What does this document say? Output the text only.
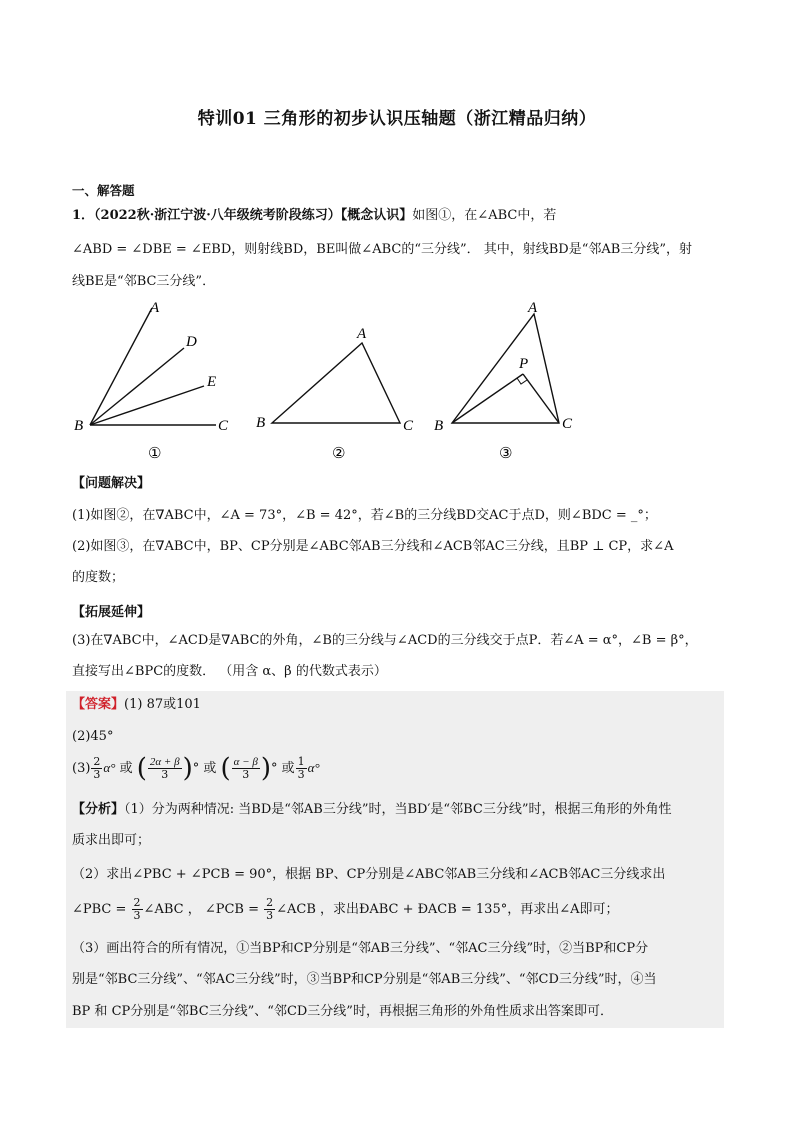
特训01 三角形的初步认识压轴题（浙江精品归纳）
一、解答题
1．（2022秋·浙江宁波·八年级统考阶段练习）【概念认识】如图①，在∠ABC中，若
∠ABD = ∠DBE = ∠EBD，则射线BD，BE叫做∠ABC的“三分线”． 其中，射线BD是“邻AB三分线”，射
线BE是“邻BC三分线”．
A
D
E
B	C
①
A
B	C
②
A
P
B	C
③
【问题解决】
(1)如图②，在∇ABC中，∠A = 73°，∠B = 42°，若∠B的三分线BD交AC于点D，则∠BDC = _°；
(2)如图③，在∇ABC中，BP、CP分别是∠ABC邻AB三分线和∠ACB邻AC三分线，且BP ⊥ CP，求∠A
的度数；
【拓展延伸】
(3)在∇ABC中，∠ACD是∇ABC的外角，∠B的三分线与∠ACD的三分线交于点P．若∠A = α°，∠B = β°，
直接写出∠BPC的度数． （用含 α、β 的代数式表示）
【答案】(1) 87或101
(2)45°
$(3) \frac{2}{3} \alpha^\circ$ 或 ( $\frac{2\alpha + \beta}{3}$ )° 或 ( $\frac{\alpha - \beta}{3}$ )° 或 $\frac{1}{3} \alpha^\circ$
【分析】（1）分为两种情况: 当BD是“邻AB三分线”时，当BD′是“邻BC三分线”时，根据三角形的外角性
质求出即可；
（2）求出∠PBC + ∠PCB = 90°，根据 BP、CP分别是∠ABC邻AB三分线和∠ACB邻AC三分线求出
∠PBC = $\frac{2}{3}$ ∠ABC ， ∠PCB = $\frac{2}{3}$ ∠ACB ，求出ÐABC + ÐACB = 135°，再求出∠A即可；
（3）画出符合的所有情况，①当BP和CP分别是“邻AB三分线”、“邻AC三分线”时，②当BP和CP分
别是“邻BC三分线”、“邻AC三分线”时，③当BP和CP分别是“邻AB三分线”、“邻CD三分线”时，④当
BP 和 CP分别是“邻BC三分线”、“邻CD三分线”时，再根据三角形的外角性质求出答案即可．
